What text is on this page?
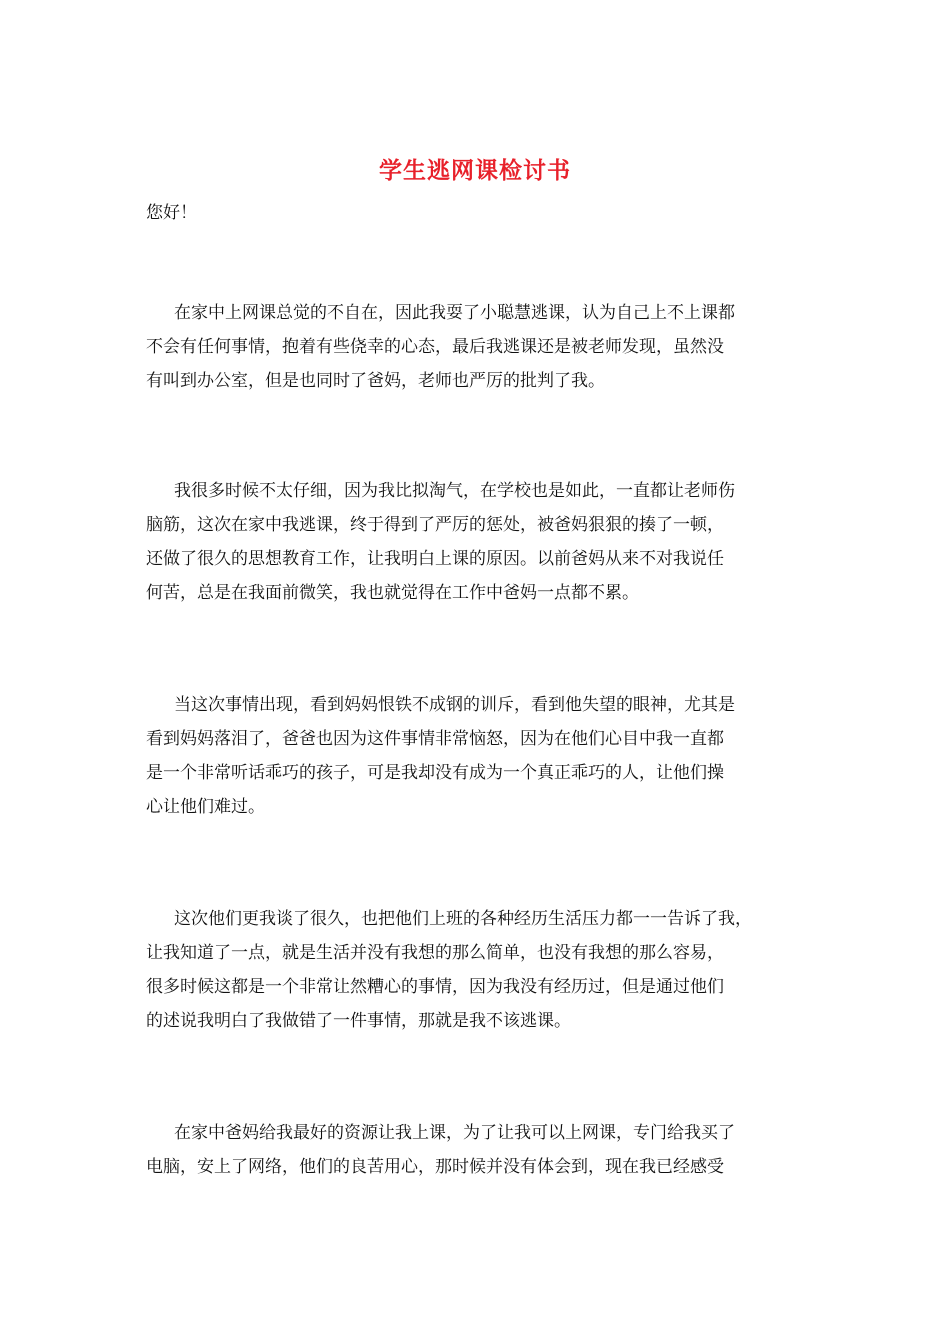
学生逃网课检讨书
您好！
在家中上网课总觉的不自在，因此我耍了小聪慧逃课，认为自己上不上课都
不会有任何事情，抱着有些侥幸的心态，最后我逃课还是被老师发现，虽然没
有叫到办公室，但是也同时了爸妈，老师也严厉的批判了我。
我很多时候不太仔细，因为我比拟淘气，在学校也是如此，一直都让老师伤
脑筋，这次在家中我逃课，终于得到了严厉的惩处，被爸妈狠狠的揍了一顿，
还做了很久的思想教育工作，让我明白上课的原因。以前爸妈从来不对我说任
何苦，总是在我面前微笑，我也就觉得在工作中爸妈一点都不累。
当这次事情出现，看到妈妈恨铁不成钢的训斥，看到他失望的眼神，尤其是
看到妈妈落泪了，爸爸也因为这件事情非常恼怒，因为在他们心目中我一直都
是一个非常听话乖巧的孩子，可是我却没有成为一个真正乖巧的人，让他们操
心让他们难过。
这次他们更我谈了很久，也把他们上班的各种经历生活压力都一一告诉了我，
让我知道了一点，就是生活并没有我想的那么简单，也没有我想的那么容易，
很多时候这都是一个非常让然糟心的事情，因为我没有经历过，但是通过他们
的述说我明白了我做错了一件事情，那就是我不该逃课。
在家中爸妈给我最好的资源让我上课，为了让我可以上网课，专门给我买了
电脑，安上了网络，他们的良苦用心，那时候并没有体会到，现在我已经感受
